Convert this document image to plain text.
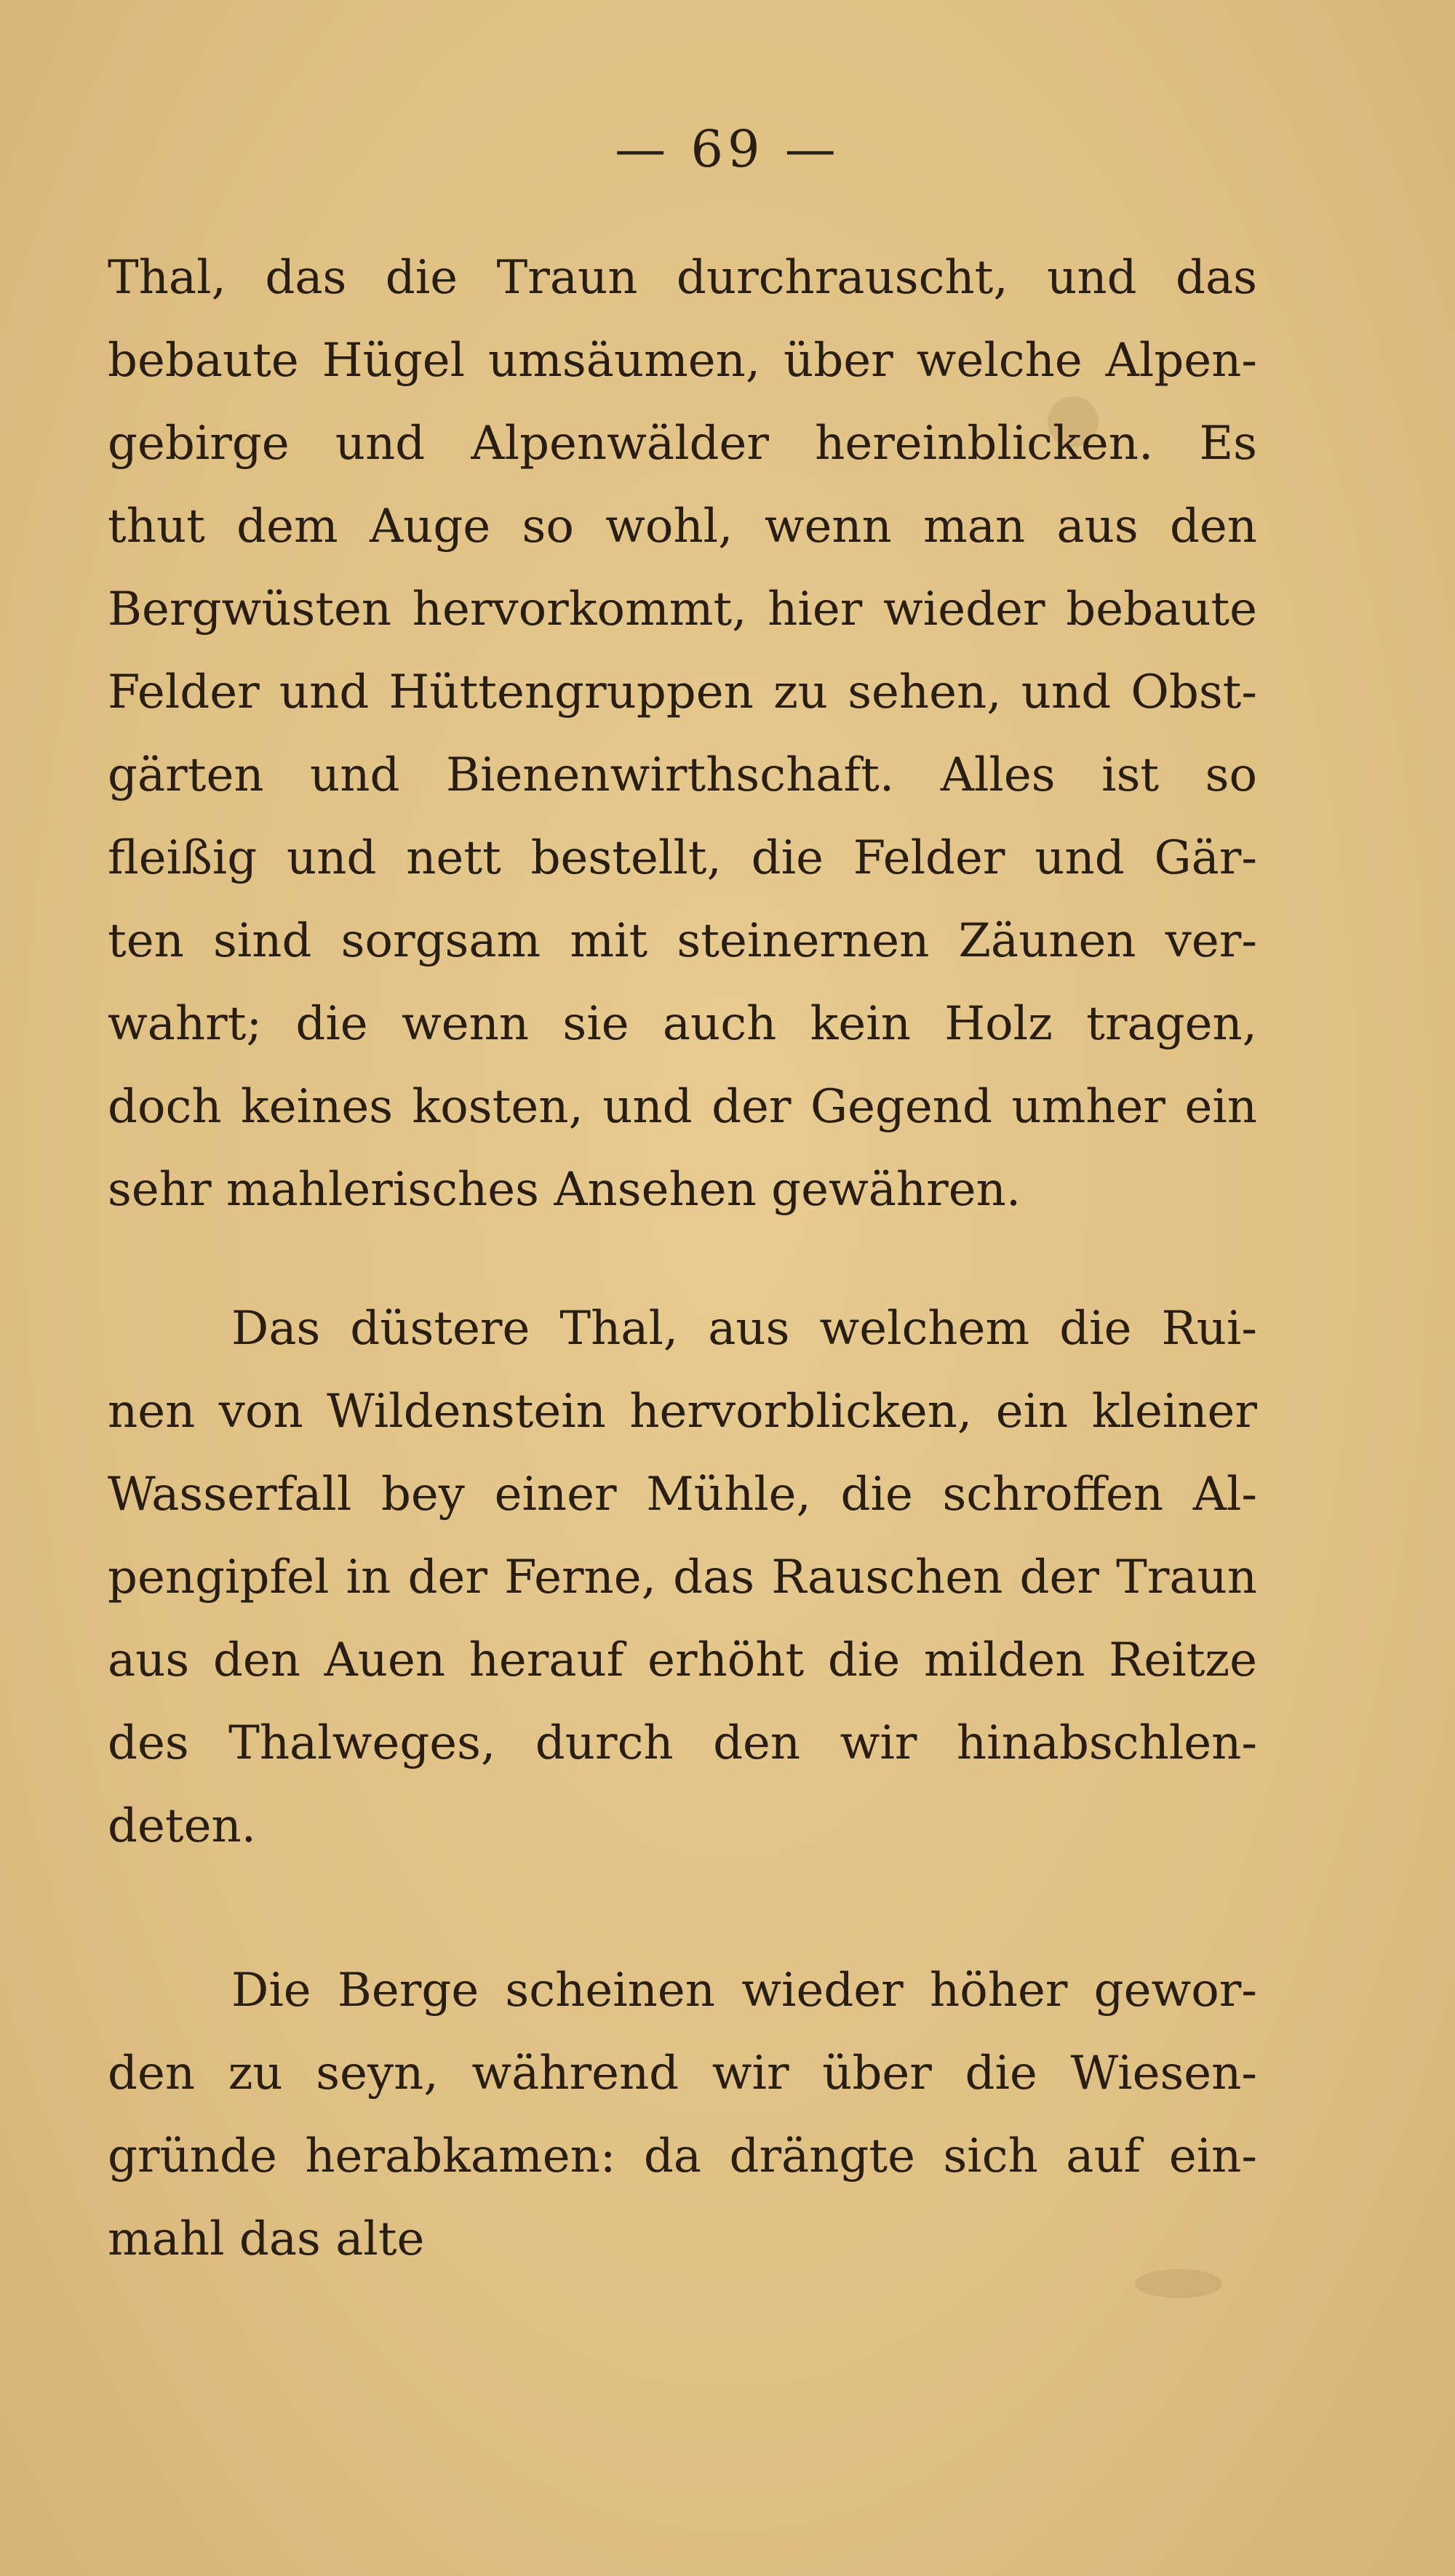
— 69 —
Thal, das die Traun durchrauscht, und das
bebaute Hügel umsäumen, über welche Alpen-
gebirge und Alpenwälder hereinblicken. Es
thut dem Auge so wohl, wenn man aus den
Bergwüsten hervorkommt, hier wieder bebaute
Felder und Hüttengruppen zu sehen, und Obst-
gärten und Bienenwirthschaft. Alles ist so
fleißig und nett bestellt, die Felder und Gär-
ten sind sorgsam mit steinernen Zäunen ver-
wahrt; die wenn sie auch kein Holz tragen,
doch keines kosten, und der Gegend umher ein
sehr mahlerisches Ansehen gewähren.
Das düstere Thal, aus welchem die Rui-
nen von Wildenstein hervorblicken, ein kleiner
Wasserfall bey einer Mühle, die schroffen Al-
pengipfel in der Ferne, das Rauschen der Traun
aus den Auen herauf erhöht die milden Reitze
des Thalweges, durch den wir hinabschlen-
deten.
Die Berge scheinen wieder höher gewor-
den zu seyn, während wir über die Wiesen-
gründe herabkamen: da drängte sich auf ein-
mahl das alte
